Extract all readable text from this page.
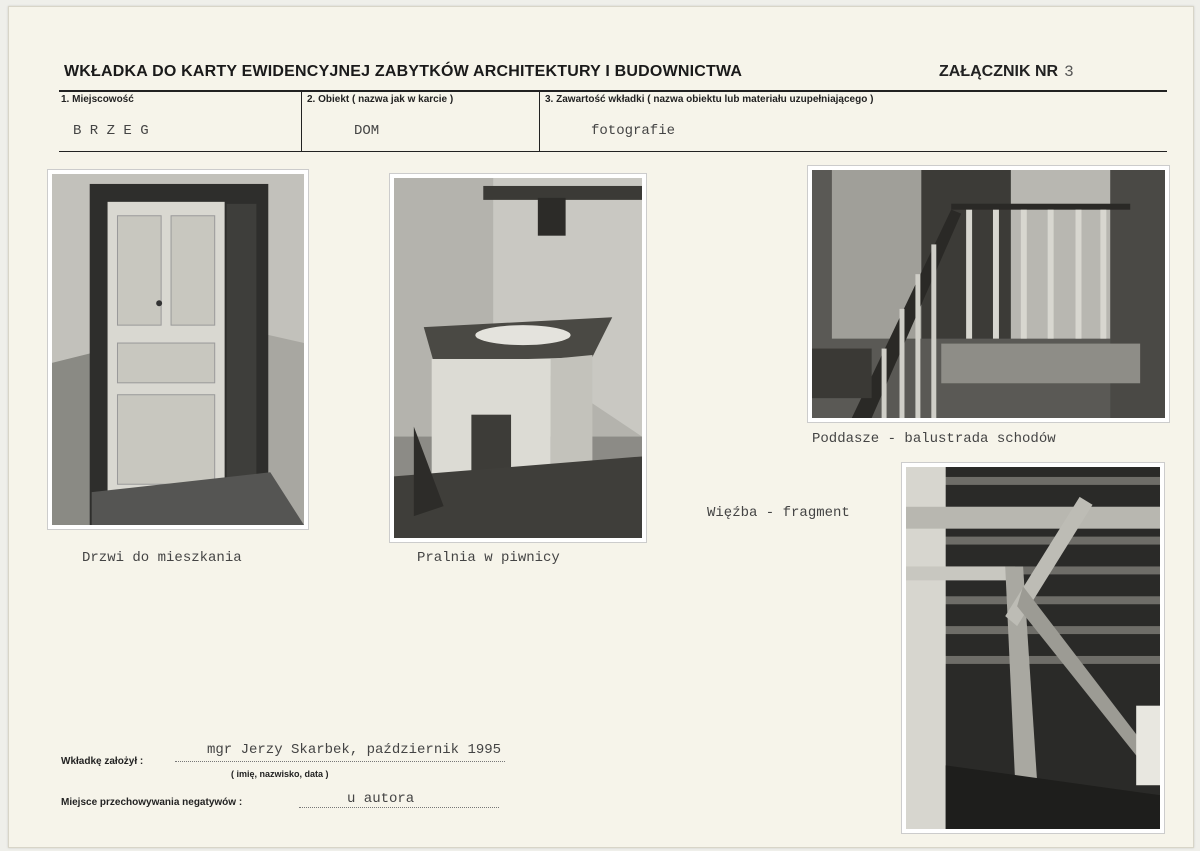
WKŁADKA DO KARTY EWIDENCYJNEJ ZABYTKÓW ARCHITEKTURY I BUDOWNICTWA	ZAŁĄCZNIK NR 3
1. Miejscowość
B R Z E G
2. Obiekt ( nazwa jak w karcie )
DOM
3. Zawartość wkładki ( nazwa obiektu lub materiału uzupełniającego )
fotografie
Drzwi do mieszkania	Pralnia w piwnicy
Poddasze - balustrada schodów
Więźba - fragment
Wkładkę założył :
mgr Jerzy Skarbek, październik 1995
( imię, nazwisko, data )
Miejsce przechowywania negatywów :	u autora
